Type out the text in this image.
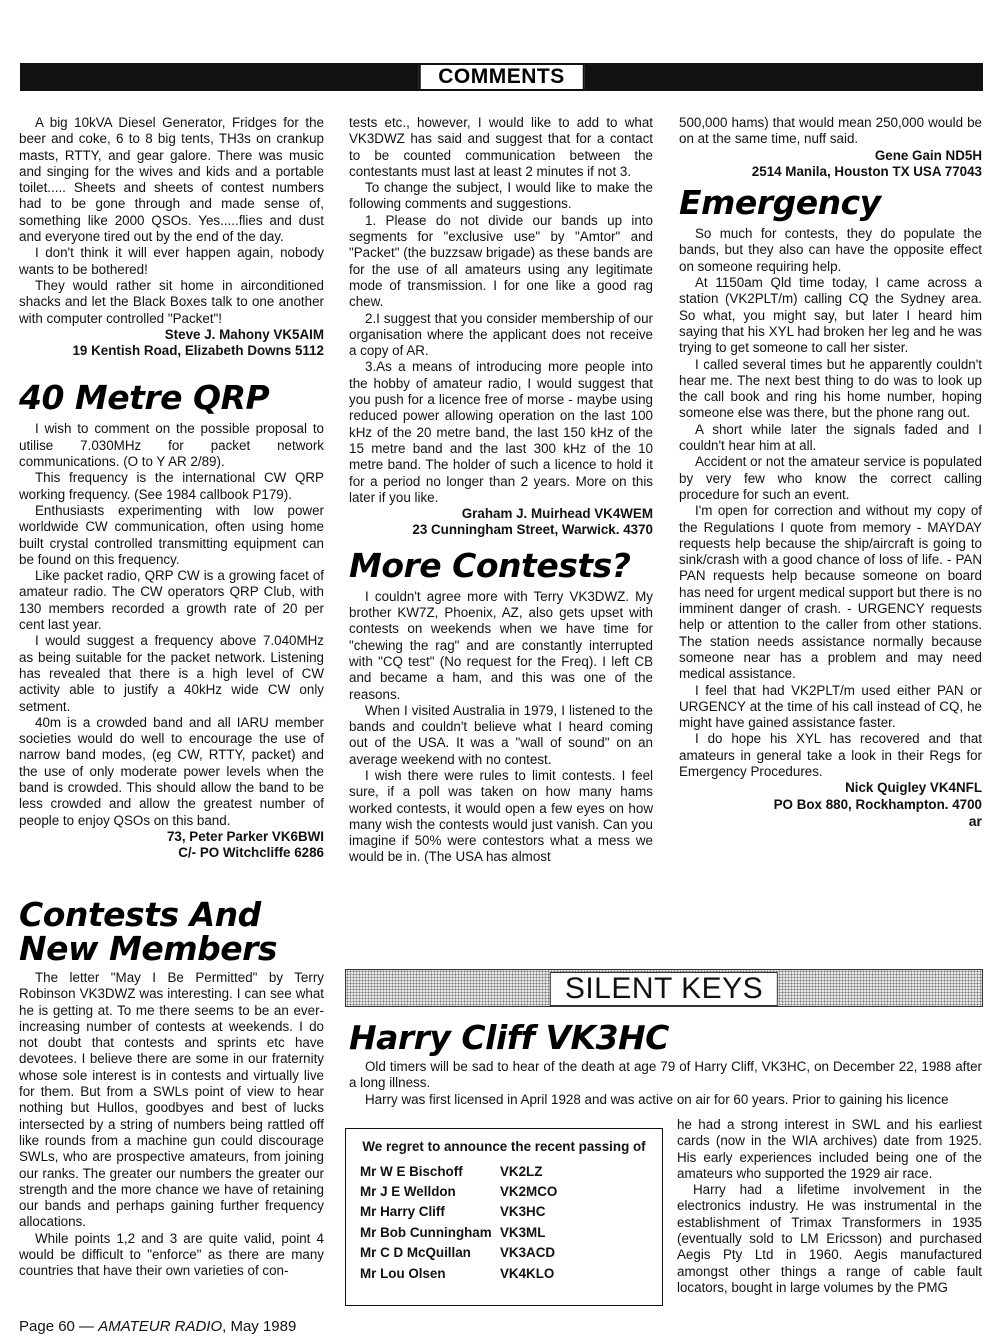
COMMENTS

A big 10kVA Diesel Generator, Fridges for the beer and coke, 6 to 8 big tents, TH3s on crankup masts, RTTY, and gear galore. There was music and singing for the wives and kids and a portable toilet..... Sheets and sheets of contest numbers had to be gone through and made sense of, something like 2000 QSOs. Yes.....flies and dust and everyone tired out by the end of the day.

I don't think it will ever happen again, nobody wants to be bothered!

They would rather sit home in airconditioned shacks and let the Black Boxes talk to one another with computer controlled "Packet"!

Steve J. Mahony VK5AIM

19 Kentish Road, Elizabeth Downs 5112

40 Metre QRP

I wish to comment on the possible proposal to utilise 7.030MHz for packet network communications. (O to Y AR 2/89).

This frequency is the international CW QRP working frequency. (See 1984 callbook P179).

Enthusiasts experimenting with low power worldwide CW communication, often using home built crystal controlled transmitting equipment can be found on this frequency.

Like packet radio, QRP CW is a growing facet of amateur radio. The CW operators QRP Club, with 130 members recorded a growth rate of 20 per cent last year.

I would suggest a frequency above 7.040MHz as being suitable for the packet network. Listening has revealed that there is a high level of CW activity able to justify a 40kHz wide CW only setment.

40m is a crowded band and all IARU member societies would do well to encourage the use of narrow band modes, (eg CW, RTTY, packet) and the use of only moderate power levels when the band is crowded. This should allow the band to be less crowded and allow the greatest number of people to enjoy QSOs on this band.

73, Peter Parker VK6BWI

C/- PO Witchcliffe 6286

tests etc., however, I would like to add to what VK3DWZ has said and suggest that for a contact to be counted communication between the contestants must last at least 2 minutes if not 3.

To change the subject, I would like to make the following comments and suggestions.

1. Please do not divide our bands up into segments for "exclusive use" by "Amtor" and "Packet" (the buzzsaw brigade) as these bands are for the use of all amateurs using any legitimate mode of transmission. I for one like a good rag chew.

2.I suggest that you consider membership of our organisation where the applicant does not receive a copy of AR.

3.As a means of introducing more people into the hobby of amateur radio, I would suggest that you push for a licence free of morse - maybe using reduced power allowing operation on the last 100 kHz of the 20 metre band, the last 150 kHz of the 15 metre band and the last 300 kHz of the 10 metre band. The holder of such a licence to hold it for a period no longer than 2 years. More on this later if you like.

Graham J. Muirhead VK4WEM

23 Cunningham Street, Warwick. 4370

More Contests?

I couldn't agree more with Terry VK3DWZ. My brother KW7Z, Phoenix, AZ, also gets upset with contests on weekends when we have time for "chewing the rag" and are constantly interrupted with "CQ test" (No request for the Freq). I left CB and became a ham, and this was one of the reasons.

When I visited Australia in 1979, I listened to the bands and couldn't believe what I heard coming out of the USA. It was a "wall of sound" on an average weekend with no contest.

I wish there were rules to limit contests. I feel sure, if a poll was taken on how many hams worked contests, it would open a few eyes on how many wish the contests would just vanish. Can you imagine if 50% were contestors what a mess we would be in. (The USA has almost

500,000 hams) that would mean 250,000 would be on at the same time, nuff said.

Gene Gain ND5H

2514 Manila, Houston TX USA 77043

Emergency

So much for contests, they do populate the bands, but they also can have the opposite effect on someone requiring help.

At 1150am Qld time today, I came across a station (VK2PLT/m) calling CQ the Sydney area. So what, you might say, but later I heard him saying that his XYL had broken her leg and he was trying to get someone to call her sister.

I called several times but he apparently couldn't hear me. The next best thing to do was to look up the call book and ring his home number, hoping someone else was there, but the phone rang out.

A short while later the signals faded and I couldn't hear him at all.

Accident or not the amateur service is populated by very few who know the correct calling procedure for such an event.

I'm open for correction and without my copy of the Regulations I quote from memory - MAYDAY requests help because the ship/aircraft is going to sink/crash with a good chance of loss of life. - PAN PAN requests help because someone on board has need for urgent medical support but there is no imminent danger of crash. - URGENCY requests help or attention to the caller from other stations. The station needs assistance normally because someone near has a problem and may need medical assistance.

I feel that had VK2PLT/m used either PAN or URGENCY at the time of his call instead of CQ, he might have gained assistance faster.

I do hope his XYL has recovered and that amateurs in general take a look in their Regs for Emergency Procedures.

Nick Quigley VK4NFL

PO Box 880, Rockhampton. 4700

ar
Contests And
New Members

The letter "May I Be Permitted" by Terry Robinson VK3DWZ was interesting. I can see what he is getting at. To me there seems to be an ever-increasing number of contests at weekends. I do not doubt that contests and sprints etc have devotees. I believe there are some in our fraternity whose sole interest is in contests and virtually live for them. But from a SWLs point of view to hear nothing but Hullos, goodbyes and best of lucks intersected by a string of numbers being rattled off like rounds from a machine gun could discourage SWLs, who are prospective amateurs, from joining our ranks. The greater our numbers the greater our strength and the more chance we have of retaining our bands and perhaps gaining further frequency allocations.

While points 1,2 and 3 are quite valid, point 4 would be difficult to "enforce" as there are many countries that have their own varieties of con-

SILENT KEYS
Harry Cliff VK3HC

Old timers will be sad to hear of the death at age 79 of Harry Cliff, VK3HC, on December 22, 1988 after a long illness.

Harry was first licensed in April 1928 and was active on air for 60 years. Prior to gaining his licence

he had a strong interest in SWL and his earliest cards (now in the WIA archives) date from 1925. His early experiences included being one of the amateurs who supported the 1929 air race.

Harry had a lifetime involvement in the electronics industry. He was instrumental in the establishment of Trimax Transformers in 1935 (eventually sold to LM Ericsson) and purchased Aegis Pty Ltd in 1960. Aegis manufactured amongst other things a range of cable fault locators, bought in large volumes by the PMG

We regret to announce the recent passing of
Mr W E Bischoff	VK2LZ
Mr J E Welldon	VK2MCO
Mr Harry Cliff	VK3HC
Mr Bob Cunningham	VK3ML
Mr C D McQuillan	VK3ACD
Mr Lou Olsen	VK4KLO
Page 60 — AMATEUR RADIO, May 1989
